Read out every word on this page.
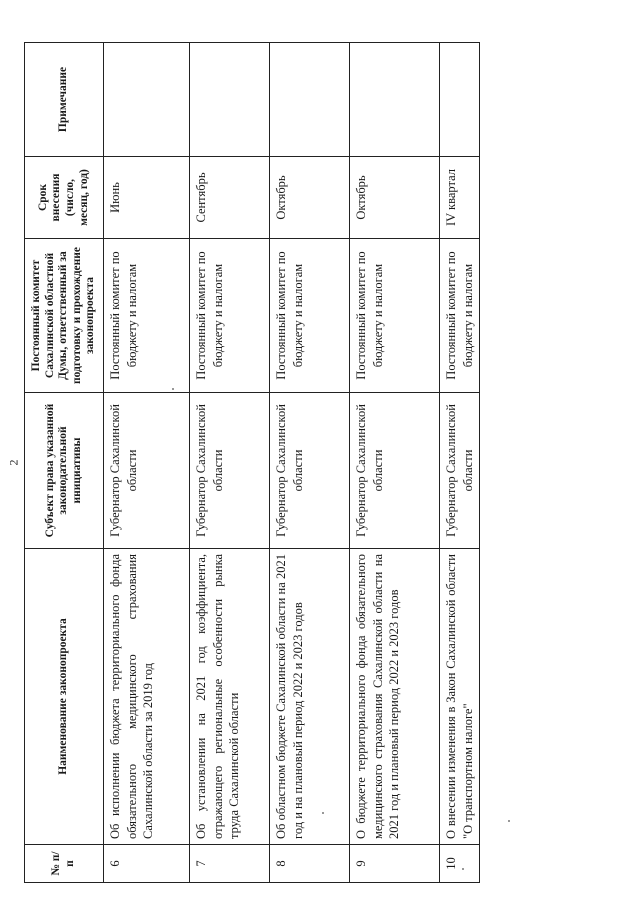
2
№ п/п	Наименование законопроекта	Субъект права указанной законодательной инициативы	Постоянный комитет Сахалинской областной Думы, ответственный за подготовку и прохождение законопроекта	Срок внесения (число, месяц, год)	Примечание
6	Об исполнении бюджета территориального фонда обязательного медицинского страхования Сахалинской области за 2019 год	Губернатор Сахалинской области	Постоянный комитет по бюджету и налогам	Июнь	
7	Об установлении на 2021 год коэффициента, отражающего региональные особенности рынка труда Сахалинской области	Губернатор Сахалинской области	Постоянный комитет по бюджету и налогам	Сентябрь	
8	Об областном бюджете Сахалинской области на 2021 год и на плановый период 2022 и 2023 годов	Губернатор Сахалинской области	Постоянный комитет по бюджету и налогам	Октябрь	
9	О бюджете территориального фонда обязательного медицинского страхования Сахалинской области на 2021 год и плановый период 2022 и 2023 годов	Губернатор Сахалинской области	Постоянный комитет по бюджету и налогам	Октябрь	
10	О внесении изменения в Закон Сахалинской области "О транспортном налоге"	Губернатор Сахалинской области	Постоянный комитет по бюджету и налогам	IV квартал	
